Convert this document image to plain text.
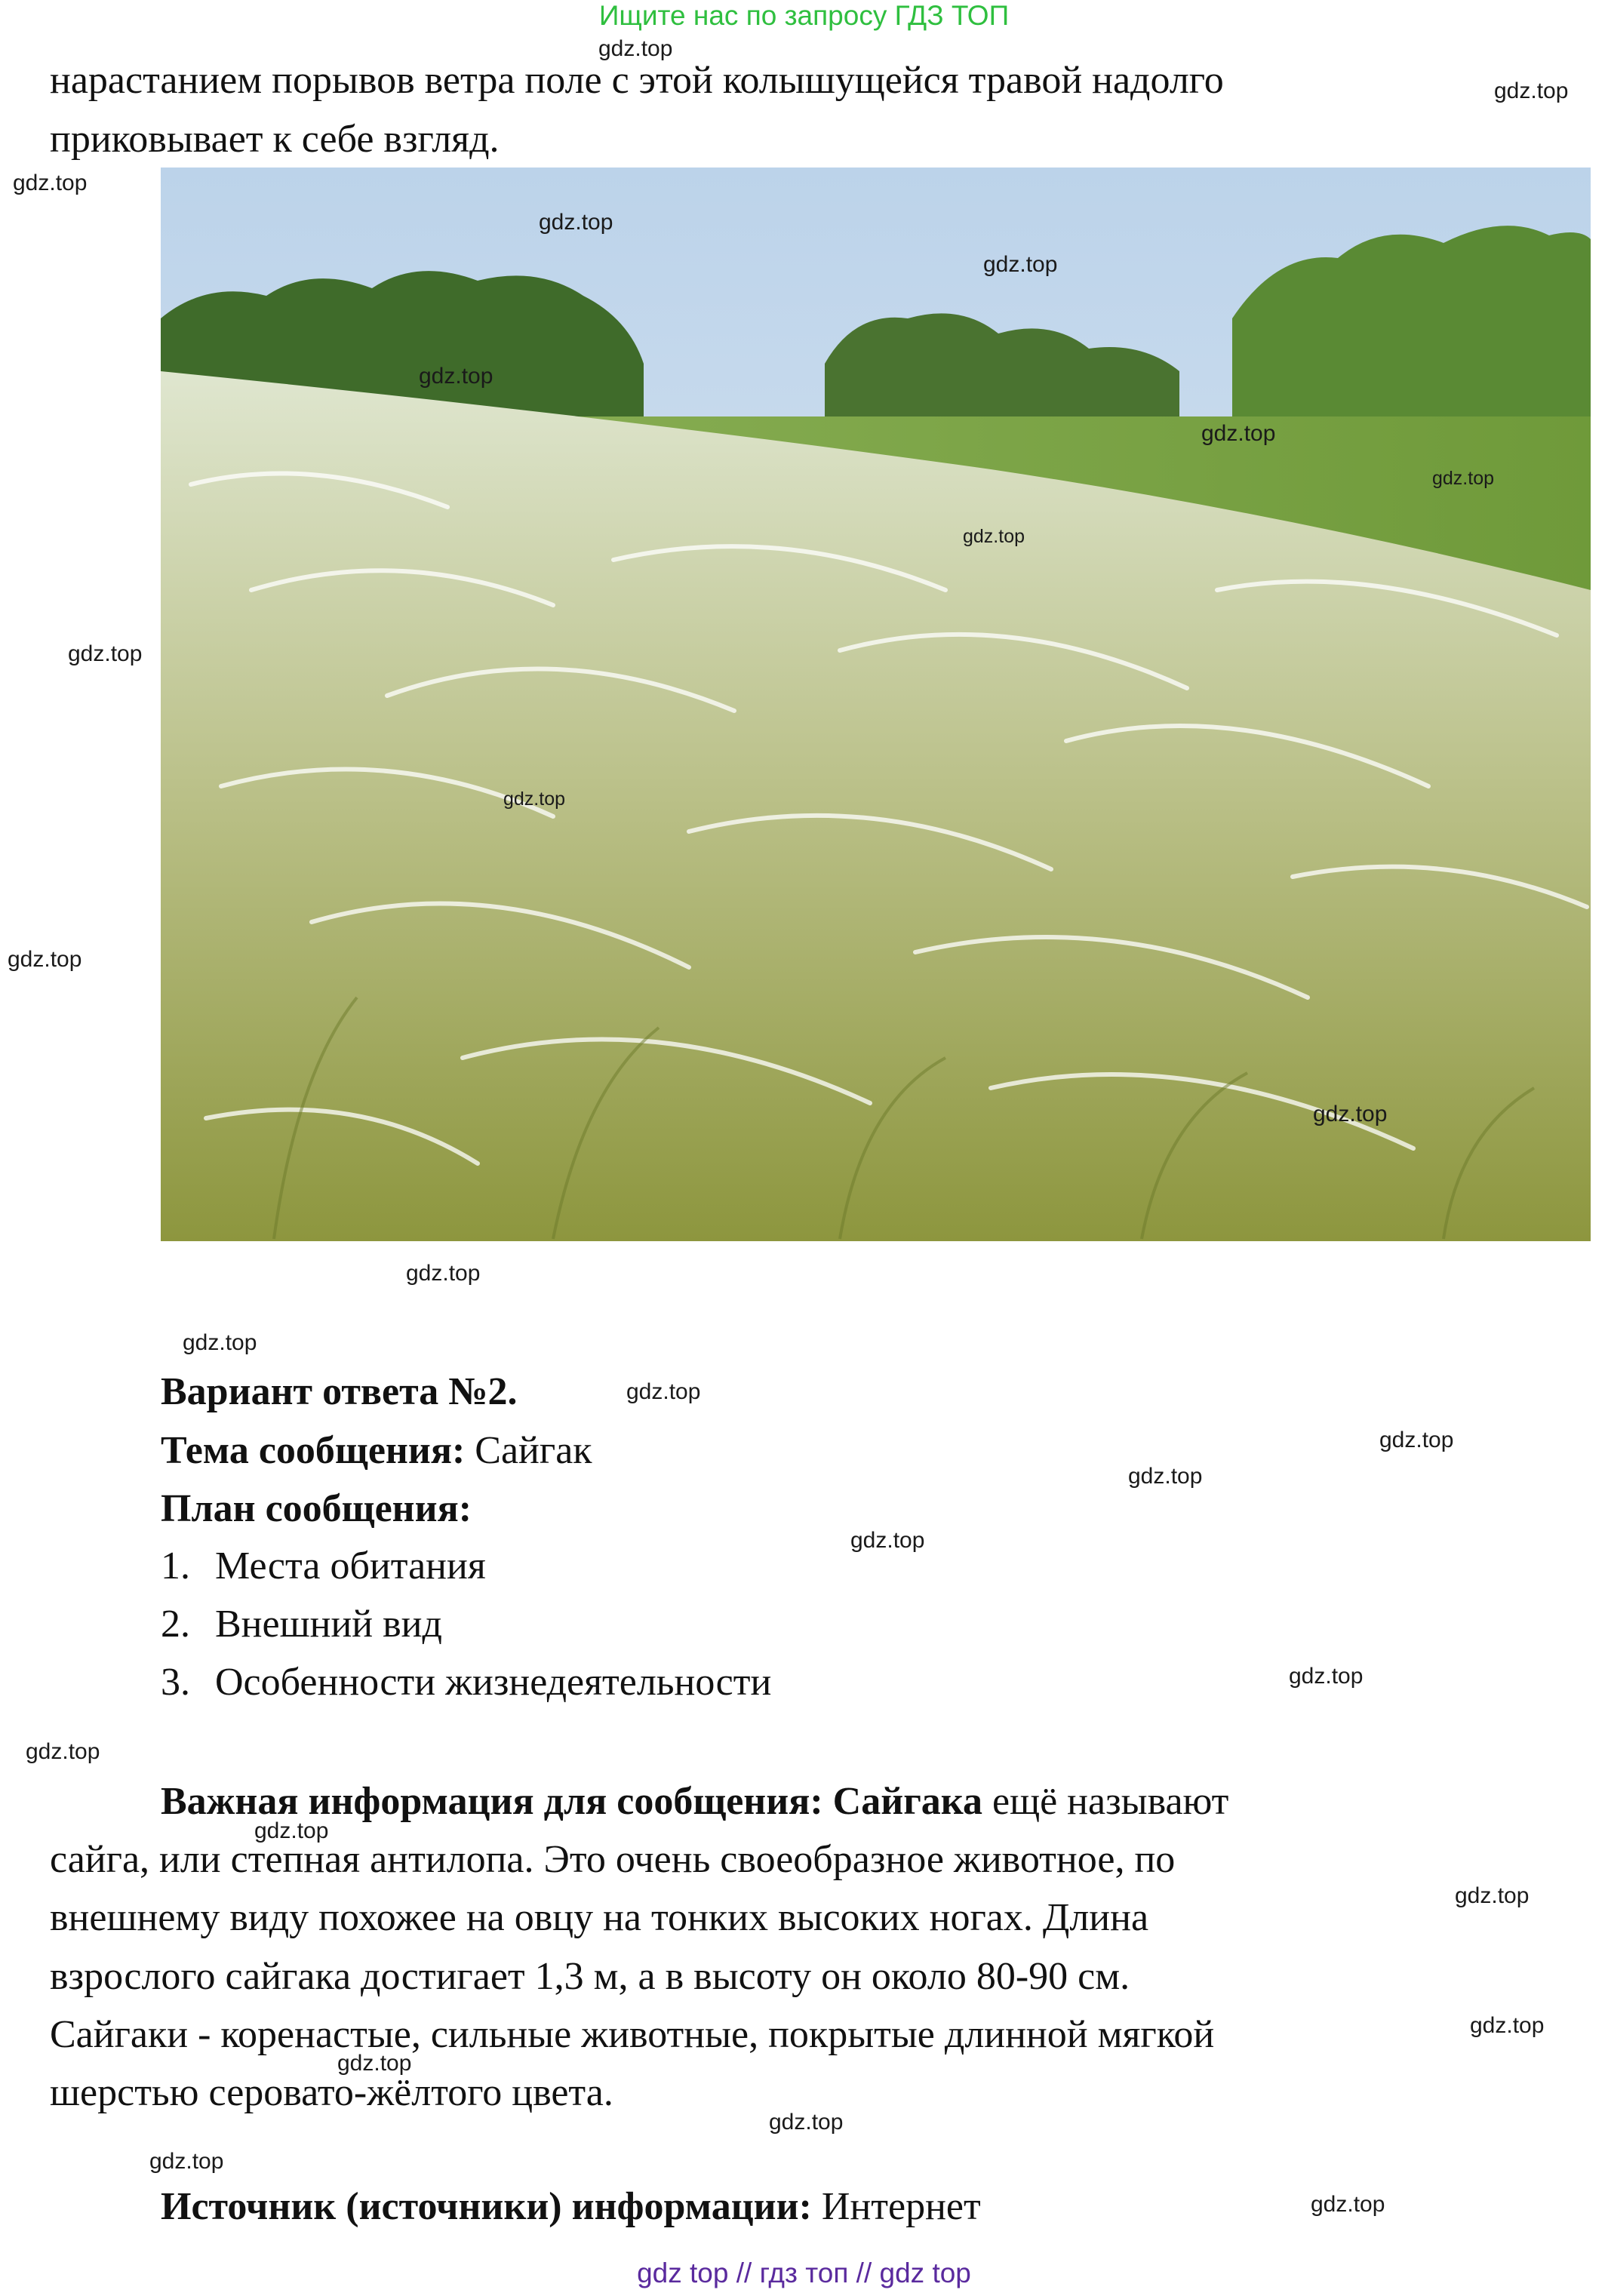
Ищите нас по запросу ГДЗ ТОП
нарастанием порывов ветра поле с этой колышущейся травой надолго
приковывает к себе взгляд.
Вариант ответа №2.
Тема сообщения: Сайгак
План сообщения:
1. Места обитания
2. Внешний вид
3. Особенности жизнедеятельности
Важная информация для сообщения: Сайгака ещё называют
сайга, или степная антилопа. Это очень своеобразное животное, по
внешнему виду похожее на овцу на тонких высоких ногах. Длина
взрослого сайгака достигает 1,3 м, а в высоту он около 80-90 см.
Сайгаки - коренастые, сильные животные, покрытые длинной мягкой
шерстью серовато-жёлтого цвета.
Источник (источники) информации: Интернет
gdz top // гдз топ // gdz top
gdz.top
gdz.top
gdz.top
gdz.top
gdz.top
gdz.top
gdz.top
gdz.top
gdz.top
gdz.top
gdz.top
gdz.top
gdz.top
gdz.top
gdz.top
gdz.top
gdz.top
gdz.top
gdz.top
gdz.top
gdz.top
gdz.top
gdz.top
gdz.top
gdz.top
gdz.top
gdz.top
gdz.top
